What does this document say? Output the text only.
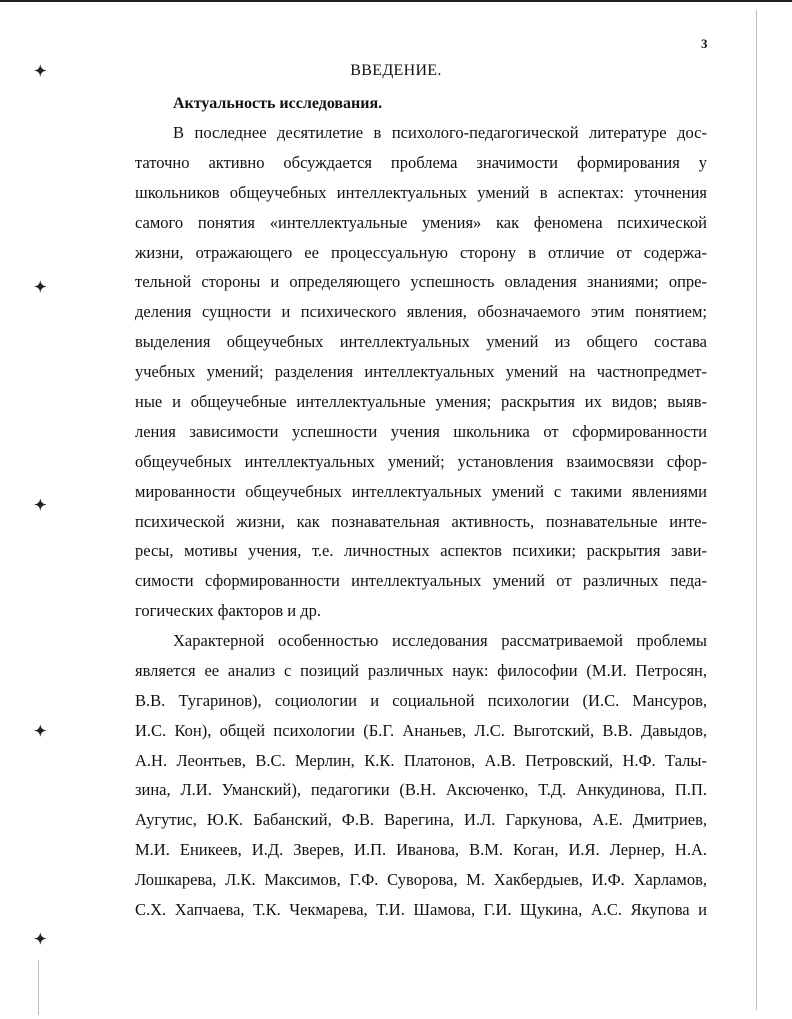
✦
✦
✦
✦
✦
3
ВВЕДЕНИЕ.
Актуальность исследования.
В последнее десятилетие в психолого-педагогической литературе дос-
таточно активно обсуждается проблема значимости формирования у
школьников общеучебных интеллектуальных умений в аспектах: уточнения
самого понятия «интеллектуальные умения» как феномена психической
жизни, отражающего ее процессуальную сторону в отличие от содержа-
тельной стороны и определяющего успешность овладения знаниями; опре-
деления сущности и психического явления, обозначаемого этим понятием;
выделения общеучебных интеллектуальных умений из общего состава
учебных умений; разделения интеллектуальных умений на частнопредмет-
ные и общеучебные интеллектуальные умения; раскрытия их видов; выяв-
ления зависимости успешности учения школьника от сформированности
общеучебных интеллектуальных умений; установления взаимосвязи сфор-
мированности общеучебных интеллектуальных умений с такими явлениями
психической жизни, как познавательная активность, познавательные инте-
ресы, мотивы учения, т.е. личностных аспектов психики; раскрытия зави-
симости сформированности интеллектуальных умений от различных педа-
гогических факторов и др.
Характерной особенностью исследования рассматриваемой проблемы
является ее анализ с позиций различных наук: философии (М.И. Петросян,
В.В. Тугаринов), социологии и социальной психологии (И.С. Мансуров,
И.С. Кон), общей психологии (Б.Г. Ананьев, Л.С. Выготский, В.В. Давыдов,
А.Н. Леонтьев, В.С. Мерлин, К.К. Платонов, А.В. Петровский, Н.Ф. Талы-
зина, Л.И. Уманский), педагогики (В.Н. Аксюченко, Т.Д. Анкудинова, П.П.
Аугутис, Ю.К. Бабанский, Ф.В. Варегина, И.Л. Гаркунова, А.Е. Дмитриев,
М.И. Еникеев, И.Д. Зверев, И.П. Иванова, В.М. Коган, И.Я. Лернер, Н.А.
Лошкарева, Л.К. Максимов, Г.Ф. Суворова, М. Хакбердыев, И.Ф. Харламов,
С.Х. Хапчаева, Т.К. Чекмарева, Т.И. Шамова, Г.И. Щукина, А.С. Якупова и
